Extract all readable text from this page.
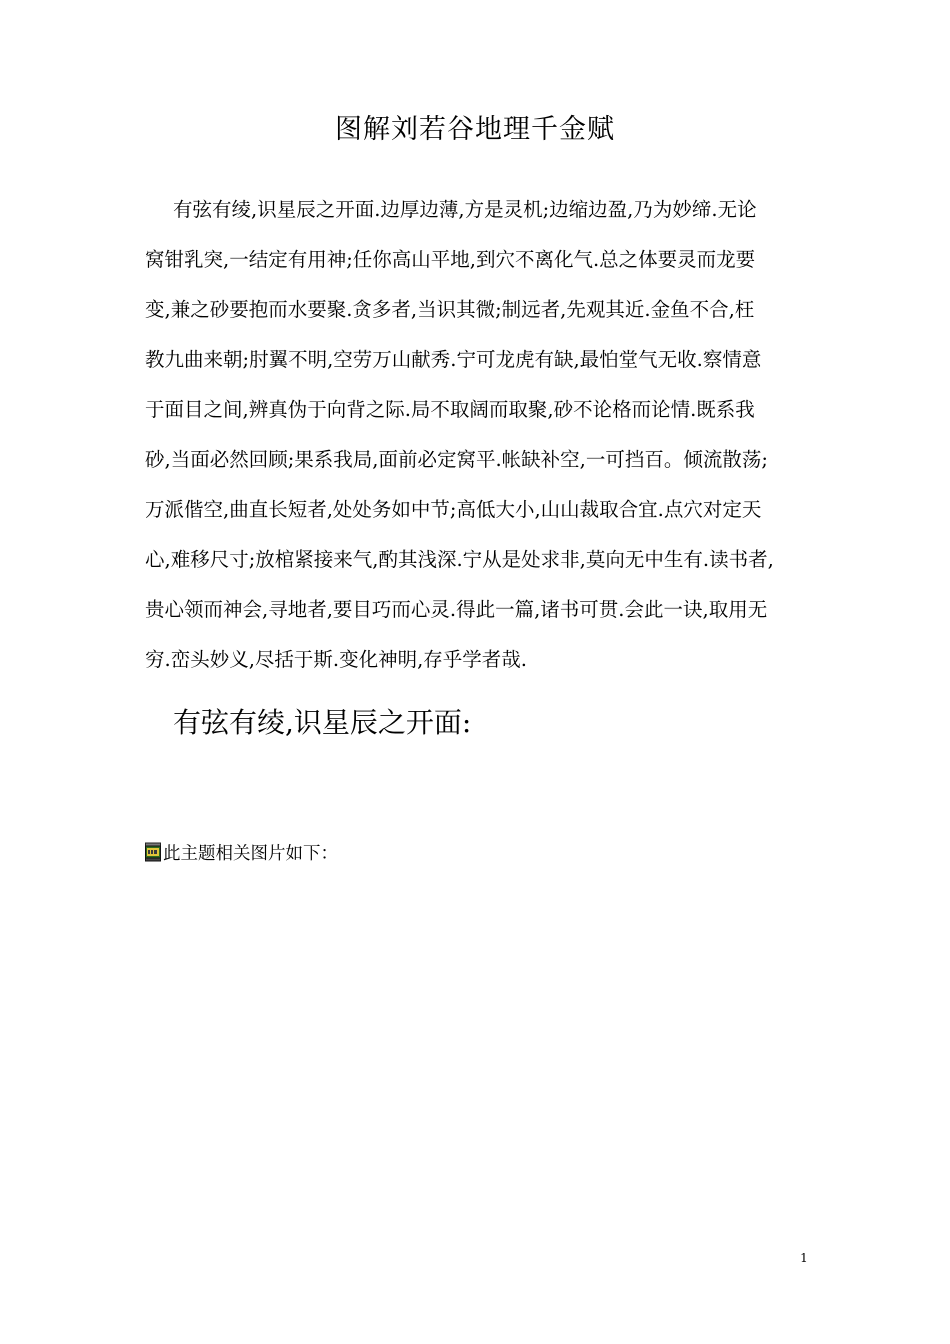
图解刘若谷地理千金赋
有弦有绫,识星辰之开面.边厚边薄,方是灵机;边缩边盈,乃为妙缔.无论
窝钳乳突,一结定有用神;任你高山平地,到穴不离化气.总之体要灵而龙要
变,兼之砂要抱而水要聚.贪多者,当识其微;制远者,先观其近.金鱼不合,枉
教九曲来朝;肘翼不明,空劳万山献秀.宁可龙虎有缺,最怕堂气无收.察情意
于面目之间,辨真伪于向背之际.局不取阔而取聚,砂不论格而论情.既系我
砂,当面必然回顾;果系我局,面前必定窝平.帐缺补空,一可挡百。倾流散荡;
万派偕空,曲直长短者,处处务如中节;高低大小,山山裁取合宜.点穴对定天
心,难移尺寸;放棺紧接来气,酌其浅深.宁从是处求非,莫向无中生有.读书者,
贵心领而神会,寻地者,要目巧而心灵.得此一篇,诸书可贯.会此一诀,取用无
穷.峦头妙义,尽括于斯.变化神明,存乎学者哉.
有弦有绫,识星辰之开面:
此主题相关图片如下：
1
